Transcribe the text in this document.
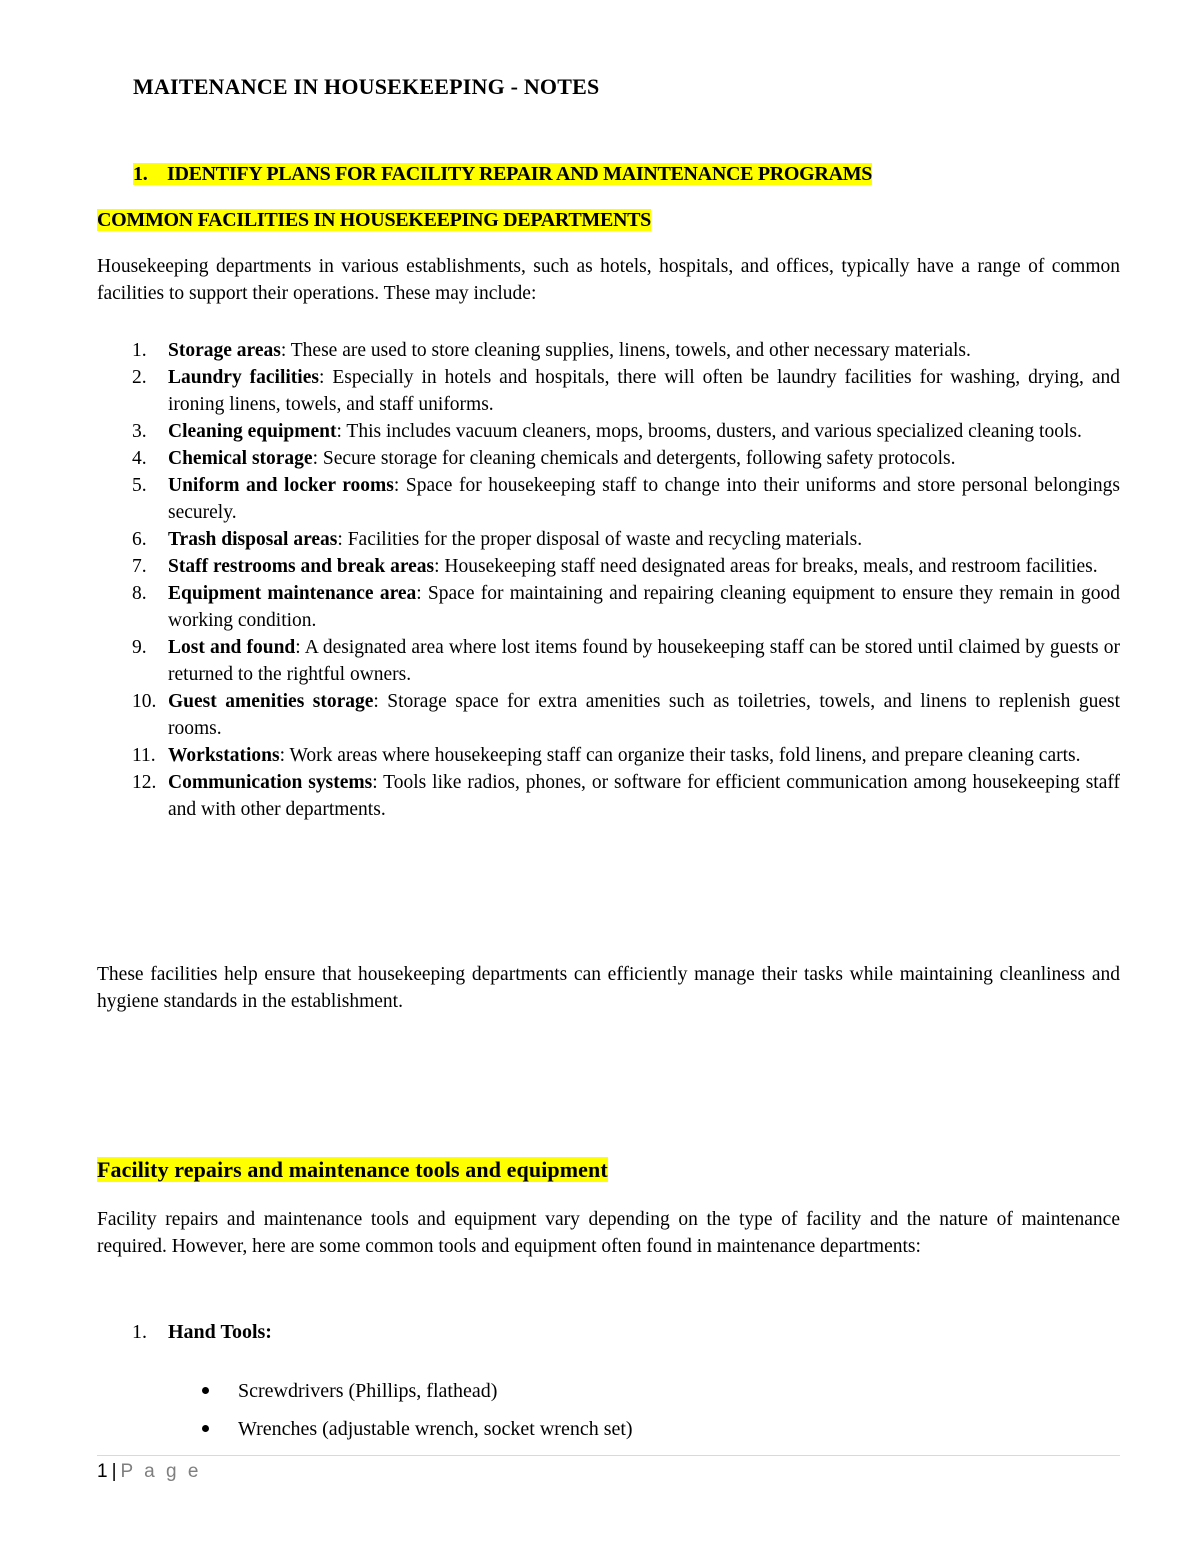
MAITENANCE IN HOUSEKEEPING - NOTES
1. IDENTIFY PLANS FOR FACILITY REPAIR AND MAINTENANCE PROGRAMS
COMMON FACILITIES IN HOUSEKEEPING DEPARTMENTS

Housekeeping departments in various establishments, such as hotels, hospitals, and offices, typically have a range of common facilities to support their operations. These may include:

1. Storage areas: These are used to store cleaning supplies, linens, towels, and other necessary materials.
2. Laundry facilities: Especially in hotels and hospitals, there will often be laundry facilities for washing, drying, and ironing linens, towels, and staff uniforms.
3. Cleaning equipment: This includes vacuum cleaners, mops, brooms, dusters, and various specialized cleaning tools.
4. Chemical storage: Secure storage for cleaning chemicals and detergents, following safety protocols.
5. Uniform and locker rooms: Space for housekeeping staff to change into their uniforms and store personal belongings securely.
6. Trash disposal areas: Facilities for the proper disposal of waste and recycling materials.
7. Staff restrooms and break areas: Housekeeping staff need designated areas for breaks, meals, and restroom facilities.
8. Equipment maintenance area: Space for maintaining and repairing cleaning equipment to ensure they remain in good working condition.
9. Lost and found: A designated area where lost items found by housekeeping staff can be stored until claimed by guests or returned to the rightful owners.
10. Guest amenities storage: Storage space for extra amenities such as toiletries, towels, and linens to replenish guest rooms.
11. Workstations: Work areas where housekeeping staff can organize their tasks, fold linens, and prepare cleaning carts.
12. Communication systems: Tools like radios, phones, or software for efficient communication among housekeeping staff and with other departments.

These facilities help ensure that housekeeping departments can efficiently manage their tasks while maintaining cleanliness and hygiene standards in the establishment.

Facility repairs and maintenance tools and equipment

Facility repairs and maintenance tools and equipment vary depending on the type of facility and the nature of maintenance required. However, here are some common tools and equipment often found in maintenance departments:

1. Hand Tools:
Screwdrivers (Phillips, flathead)
Wrenches (adjustable wrench, socket wrench set)
1 | P a g e
